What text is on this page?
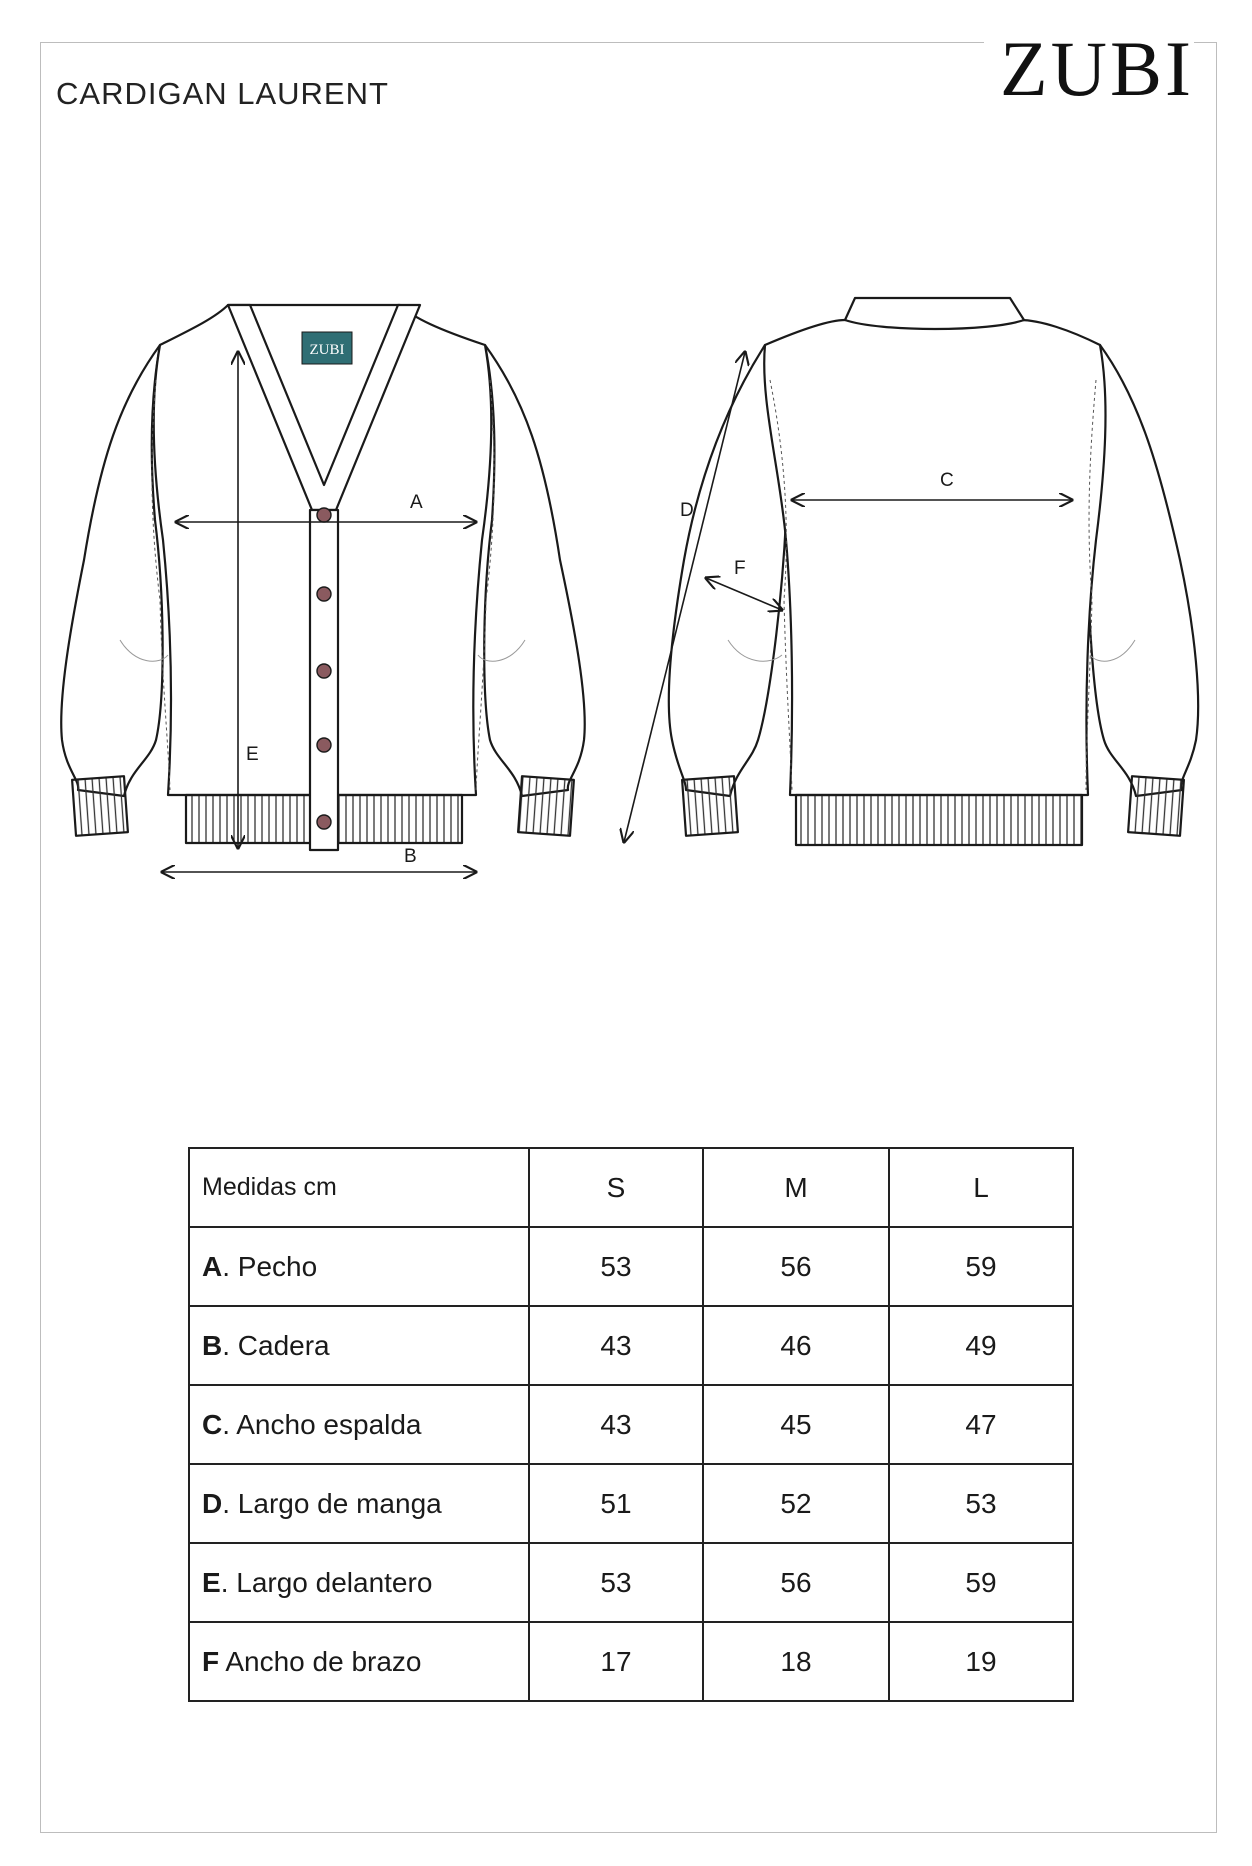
ZUBI
CARDIGAN LAURENT
ZUBI
A
E
B
C
D
F
Medidas cm	S	M	L
A. Pecho	53	56	59
B. Cadera	43	46	49
C. Ancho espalda	43	45	47
D. Largo de manga	51	52	53
E. Largo delantero	53	56	59
F Ancho de brazo	17	18	19
